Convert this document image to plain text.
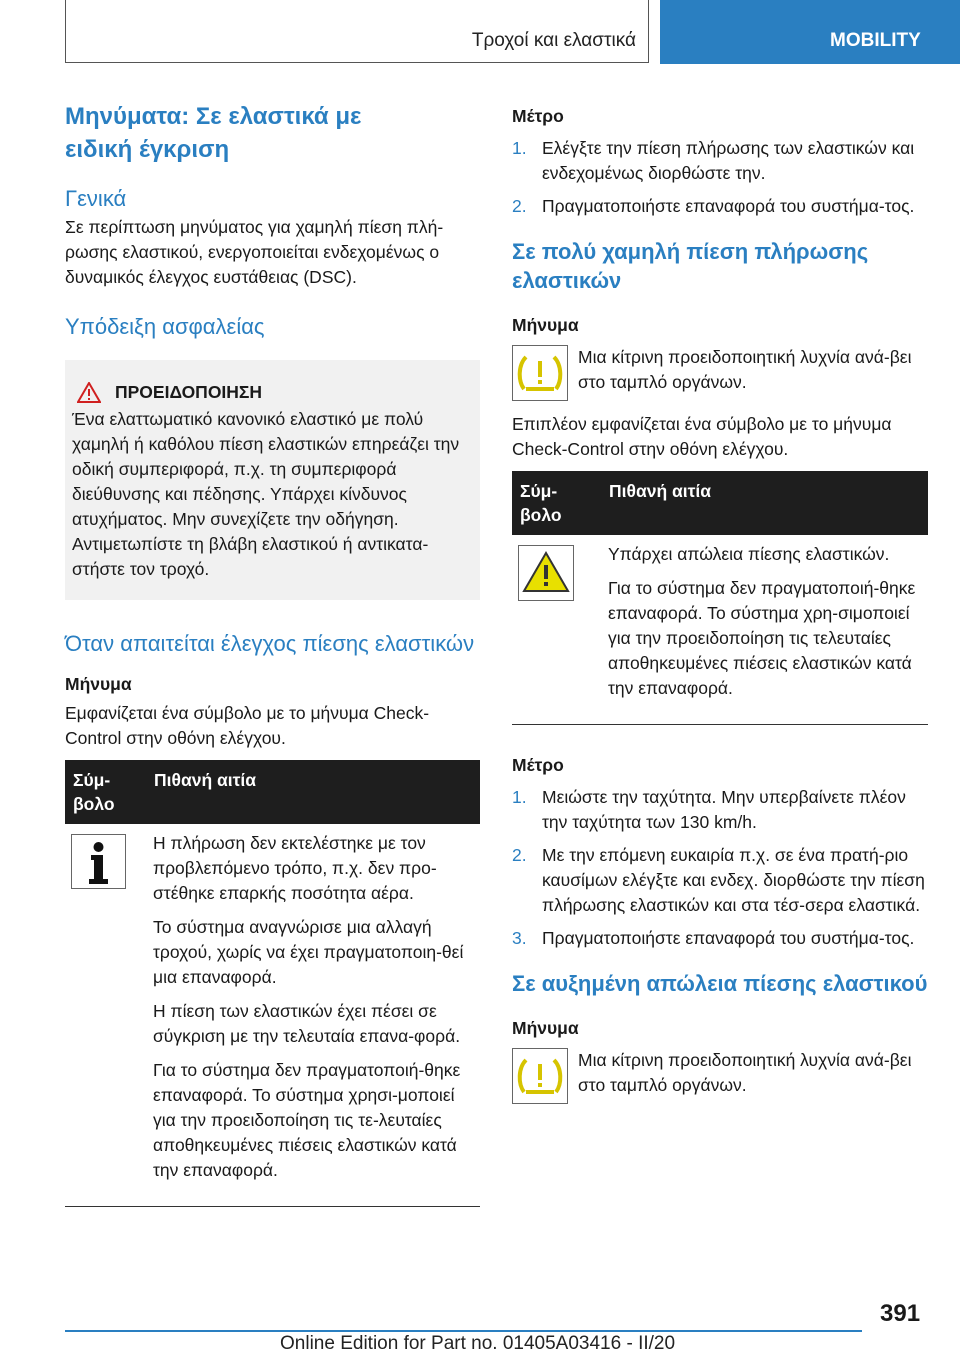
Τροχοί και ελαστικά	MOBILITY
Μηνύματα: Σε ελαστικά με ειδική έγκριση
Γενικά

Σε περίπτωση μηνύματος για χαμηλή πίεση πλή-ρωσης ελαστικού, ενεργοποιείται ενδεχομένως ο δυναμικός έλεγχος ευστάθειας (DSC).

Υπόδειξη ασφαλείας
ΠΡΟΕΙΔΟΠΟΙΗΣΗ

Ένα ελαττωματικό κανονικό ελαστικό με πολύ χαμηλή ή καθόλου πίεση ελαστικών επηρεάζει την οδική συμπεριφορά, π.χ. τη συμπεριφορά διεύθυνσης και πέδησης. Υπάρχει κίνδυνος ατυχήματος. Μην συνεχίζετε την οδήγηση. Αντιμετωπίστε τη βλάβη ελαστικού ή αντικατα-στήστε τον τροχό.

Όταν απαιτείται έλεγχος πίεσης ελαστικών

Μήνυμα

Εμφανίζεται ένα σύμβολο με το μήνυμα Check-Control στην οθόνη ελέγχου.

Σύμ-βολο
Πιθανή αιτία

Η πλήρωση δεν εκτελέστηκε με τον προβλεπόμενο τρόπο, π.χ. δεν προ-στέθηκε επαρκής ποσότητα αέρα.

Το σύστημα αναγνώρισε μια αλλαγή τροχού, χωρίς να έχει πραγματοποιη-θεί μια επαναφορά.

Η πίεση των ελαστικών έχει πέσει σε σύγκριση με την τελευταία επανα-φορά.

Για το σύστημα δεν πραγματοποιή-θηκε επαναφορά. Το σύστημα χρησι-μοποιεί για την προειδοποίηση τις τε-λευταίες αποθηκευμένες πιέσεις ελαστικών κατά την επαναφορά.

Μέτρο

1. Ελέγξτε την πίεση πλήρωσης των ελαστικών και ενδεχομένως διορθώστε την.
2. Πραγματοποιήστε επαναφορά του συστήμα-τος.
Σε πολύ χαμηλή πίεση πλήρωσης ελαστικών

Μήνυμα

Μια κίτρινη προειδοποιητική λυχνία ανά-βει στο ταμπλό οργάνων.

Επιπλέον εμφανίζεται ένα σύμβολο με το μήνυμα Check-Control στην οθόνη ελέγχου.

Σύμ-βολο
Πιθανή αιτία

Υπάρχει απώλεια πίεσης ελαστικών.

Για το σύστημα δεν πραγματοποιή-θηκε επαναφορά. Το σύστημα χρη-σιμοποιεί για την προειδοποίηση τις τελευταίες αποθηκευμένες πιέσεις ελαστικών κατά την επαναφορά.

Μέτρο

1. Μειώστε την ταχύτητα. Μην υπερβαίνετε πλέον την ταχύτητα των 130 km/h.
2. Με την επόμενη ευκαιρία π.χ. σε ένα πρατή-ριο καυσίμων ελέγξτε και ενδεχ. διορθώστε την πίεση πλήρωσης ελαστικών και στα τέσ-σερα ελαστικά.
3. Πραγματοποιήστε επαναφορά του συστήμα-τος.
Σε αυξημένη απώλεια πίεσης ελαστικού

Μήνυμα

Μια κίτρινη προειδοποιητική λυχνία ανά-βει στο ταμπλό οργάνων.

391
Online Edition for Part no. 01405A03416 - II/20
